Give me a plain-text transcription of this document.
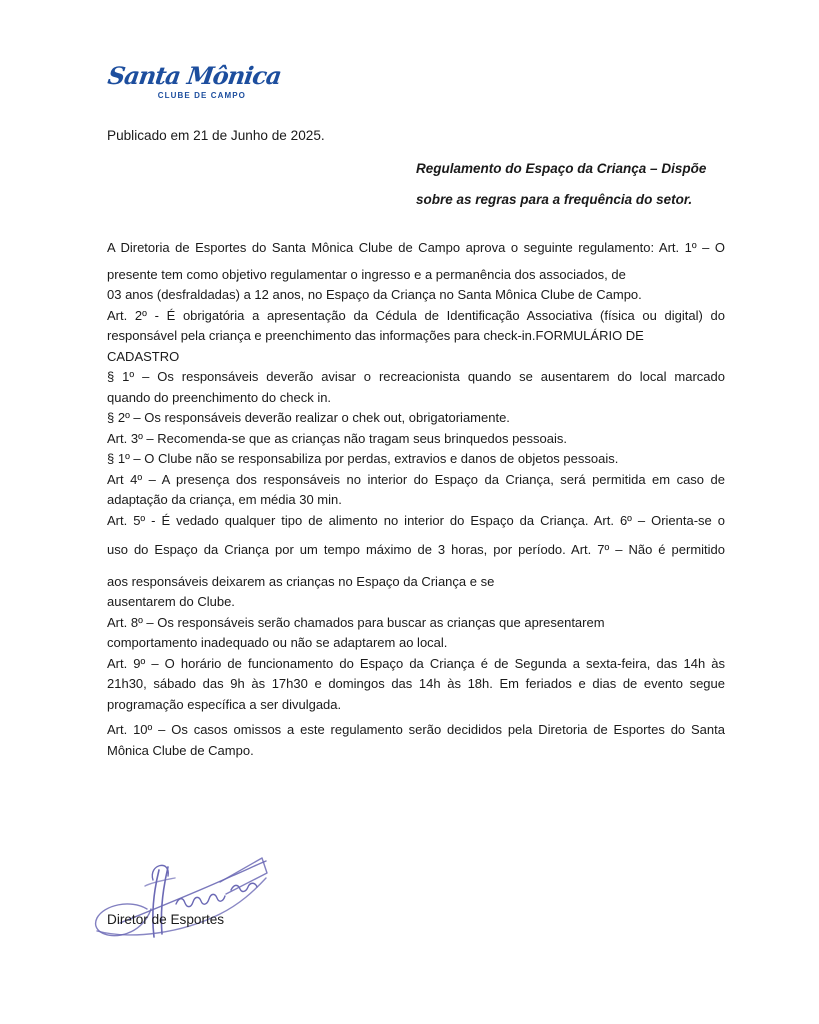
Santa Mônica
CLUBE DE CAMPO
Publicado em 21 de Junho de 2025.
Regulamento do Espaço da Criança – Dispõe
sobre as regras para a frequência do setor.
A Diretoria de Esportes do Santa Mônica Clube de Campo aprova o seguinte regulamento: Art. 1º – O
presente tem como objetivo regulamentar o ingresso e a permanência dos associados, de
03 anos (desfraldadas) a 12 anos, no Espaço da Criança no Santa Mônica Clube de Campo.
Art. 2º - É obrigatória a apresentação da Cédula de Identificação Associativa (física ou digital) do
responsável pela criança e preenchimento das informações para check-in.FORMULÁRIO DE
CADASTRO
§ 1º – Os responsáveis deverão avisar o recreacionista quando se ausentarem do local marcado
quando do preenchimento do check in.
§ 2º – Os responsáveis deverão realizar o chek out, obrigatoriamente.
Art. 3º – Recomenda-se que as crianças não tragam seus brinquedos pessoais.
§ 1º – O Clube não se responsabiliza por perdas, extravios e danos de objetos pessoais.
Art 4º – A presença dos responsáveis no interior do Espaço da Criança, será permitida em caso de
adaptação da criança, em média 30 min.
Art. 5º - É vedado qualquer tipo de alimento no interior do Espaço da Criança. Art. 6º – Orienta-se o
uso do Espaço da Criança por um tempo máximo de 3 horas, por período. Art. 7º – Não é permitido
aos responsáveis deixarem as crianças no Espaço da Criança e se
ausentarem do Clube.
Art. 8º – Os responsáveis serão chamados para buscar as crianças que apresentarem
comportamento inadequado ou não se adaptarem ao local.
Art. 9º – O horário de funcionamento do Espaço da Criança é de Segunda a sexta-feira, das 14h às
21h30, sábado das 9h às 17h30 e domingos das 14h às 18h. Em feriados e dias de evento segue
programação específica a ser divulgada.
Art. 10º – Os casos omissos a este regulamento serão decididos pela Diretoria de Esportes do Santa
Mônica Clube de Campo.
Diretor de Esportes
